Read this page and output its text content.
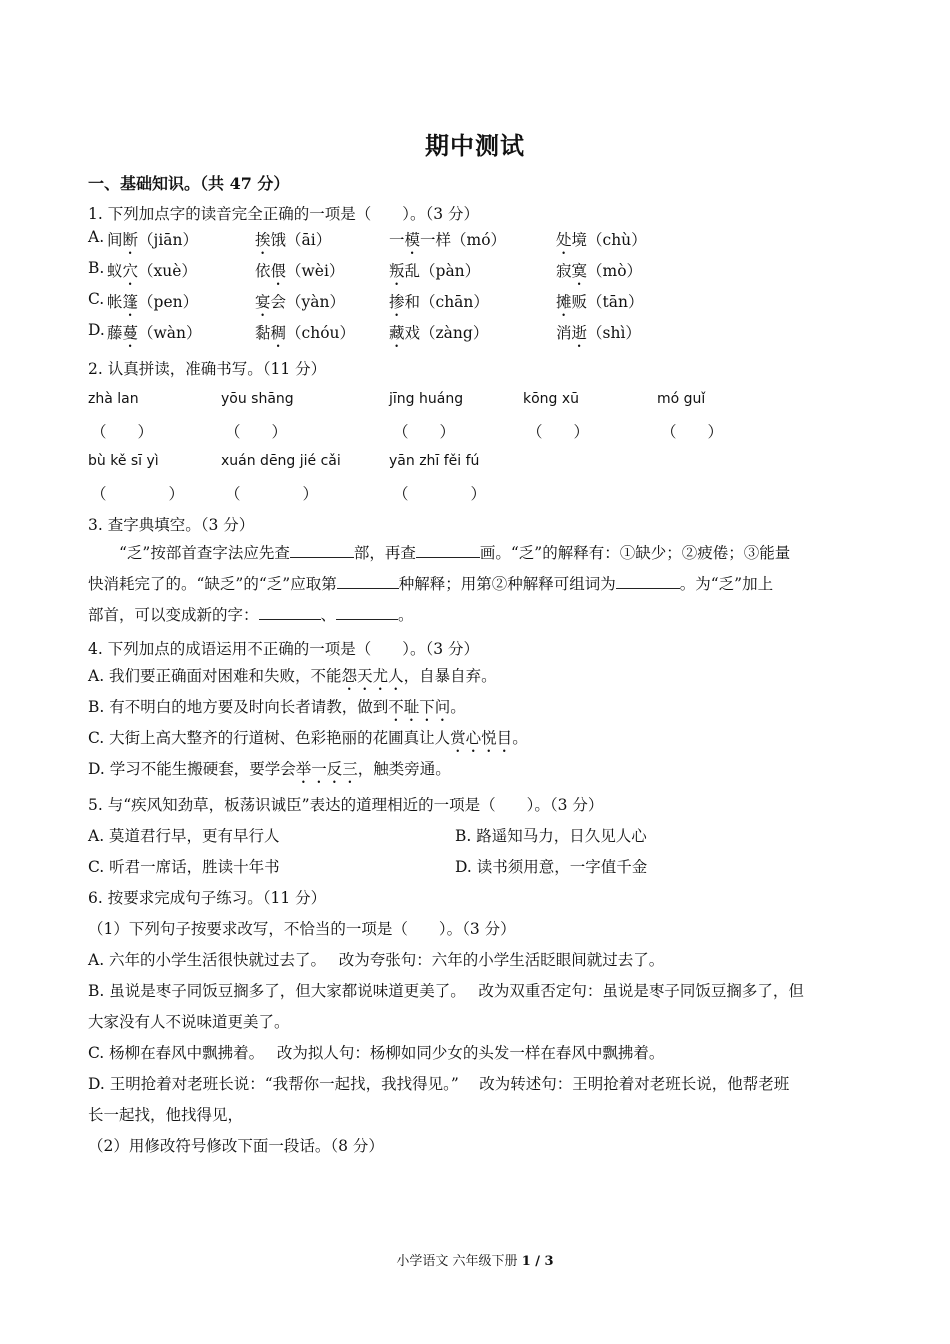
期中测试
一、基础知识。（共 47 分）
1. 下列加点字的读音完全正确的一项是（　　）。（3 分）
A. 间断（jiān）	挨饿（āi）	一模一样（mó）	处境（chù）
B. 蚁穴（xuè）	依偎（wèi）	叛乱（pàn）	寂寞（mò）
C. 帐篷（pen）	宴会（yàn）	掺和（chān）	摊贩（tān）
D. 藤蔓（wàn）	黏稠（chóu） 藏戏（zàng）	消逝（shì）
2. 认真拼读，准确书写。（11 分）
zhà lan	yōu shāng	jīng huáng	kōng xū	mó guǐ
（　　）	（　　）	（　　）	（　　）	（　　）
bù kě sī yì	xuán dēng jié cǎi	yān zhī fěi fú
（　　　　）	（　　　　）	（　　　　）
3. 查字典填空。（3 分）
“乏”按部首查字法应先查	部，再查	画。“乏”的解释有：①缺少；②疲倦；③能量
快消耗完了的。“缺乏”的“乏”应取第	种解释；用第②种解释可组词为	。为“乏”加上
部首，可以变成新的字：	、	。
4. 下列加点的成语运用不正确的一项是（　　）。（3 分）
A. 我们要正确面对困难和失败，不能怨天尤人，自暴自弃。
B. 有不明白的地方要及时向长者请教，做到不耻下问。
C. 大街上高大整齐的行道树、色彩艳丽的花圃真让人赏心悦目。
D. 学习不能生搬硬套，要学会举一反三，触类旁通。
5. 与“疾风知劲草，板荡识诚臣”表达的道理相近的一项是（　　）。（3 分）
A. 莫道君行早，更有早行人	B. 路遥知马力，日久见人心
C. 听君一席话，胜读十年书	D. 读书须用意，一字值千金
6. 按要求完成句子练习。（11 分）
（1）下列句子按要求改写，不恰当的一项是（　　）。（3 分）
A. 六年的小学生活很快就过去了。　 改为夸张句：六年的小学生活眨眼间就过去了。
B. 虽说是枣子同饭豆搁多了，但大家都说味道更美了。　 改为双重否定句：虽说是枣子同饭豆搁多了，但
大家没有人不说味道更美了。
C. 杨柳在春风中飘拂着。　 改为拟人句：杨柳如同少女的头发一样在春风中飘拂着。
D. 王明抢着对老班长说：“我帮你一起找，我找得见。”　 改为转述句：王明抢着对老班长说，他帮老班
长一起找，他找得见，
（2）用修改符号修改下面一段话。（8 分）
小学语文 六年级下册 1 / 3
